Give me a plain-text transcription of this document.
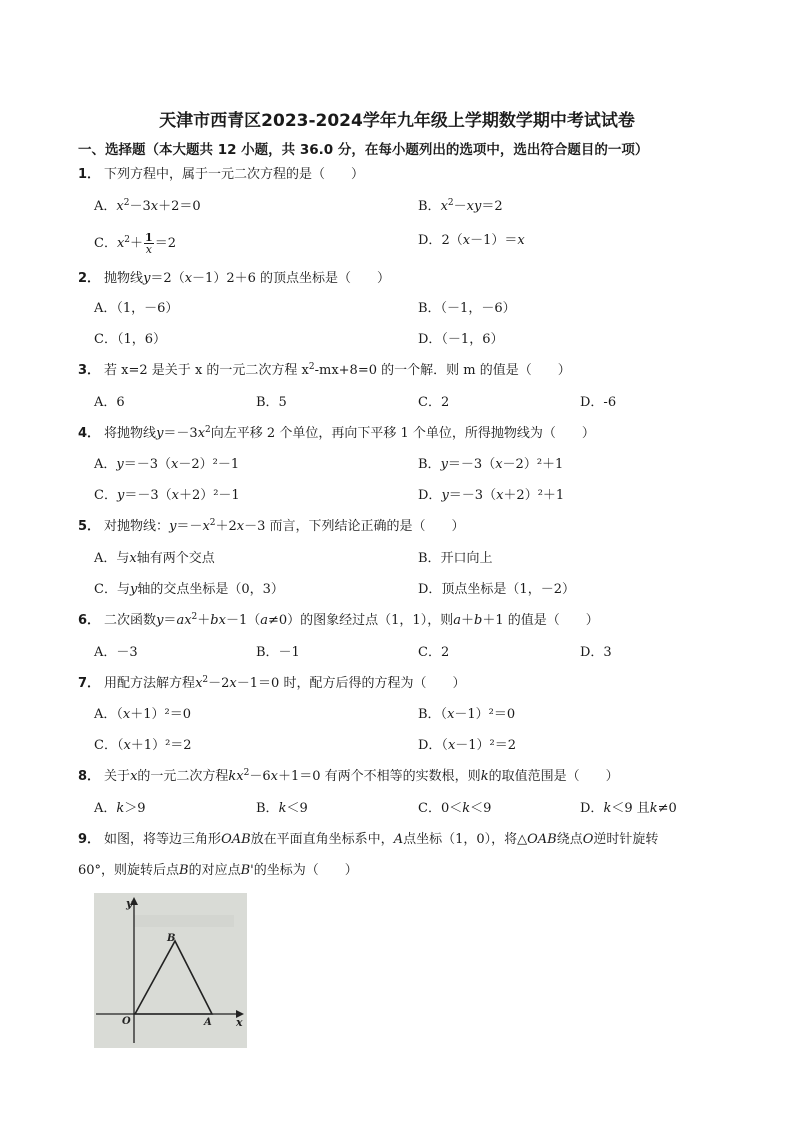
天津市西青区2023-2024学年九年级上学期数学期中考试试卷
一、选择题（本大题共 12 小题，共 36.0 分，在每小题列出的选项中，选出符合题目的一项）
1． 下列方程中，属于一元二次方程的是（　　）
A．$x^2-3x+2=0$	B．$x^2-xy=2$
C．$x^2+ \frac{1}{x} =2$	D．2（x－1）＝x
2． 抛物线y＝2（x－1）2＋6 的顶点坐标是（　　）
A．（1，－6）	B．（－1，－6）
C．（1，6）	D．（－1，6）
3． 若 x=2 是关于 x 的一元二次方程 $x^2-mx+8=0$ 的一个解．则 m 的值是（　　）
A．6	B．5	C．2	D．-6
4． 将抛物线$y=-3x^2$向左平移 2 个单位，再向下平移 1 个单位，所得抛物线为（　　）
A．y＝－3（x－2）²－1	B．y＝－3（x－2）²＋1
C．y＝－3（x＋2）²－1	D．y＝－3（x＋2）²＋1
5． 对抛物线：$y=-x^2+2x-3$ 而言，下列结论正确的是（　　）
A．与x轴有两个交点	B．开口向上
C．与y轴的交点坐标是（0，3）	D．顶点坐标是（1，－2）
6． 二次函数$y=ax^2+bx-1(a\ne 0)$的图象经过点（1，1），则a＋b＋1 的值是（　　）
A．－3	B．－1	C．2	D．3
7． 用配方法解方程$x^2-2x-1=0$ 时，配方后得的方程为（　　）
A．（x＋1）²＝0	B．（x－1）²＝0
C．（x＋1）²＝2	D．（x－1）²＝2
8． 关于x的一元二次方程$kx^2-6x+1=0$ 有两个不相等的实数根，则k的取值范围是（　　）
A．k＞9	B．k＜9	C．0＜k＜9	D．k＜9 且k≠0
9． 如图，将等边三角形OAB放在平面直角坐标系中，A点坐标（1，0），将△OAB绕点O逆时针旋转
60°，则旋转后点B的对应点B'的坐标为（　　）
y
x
O	A
B
